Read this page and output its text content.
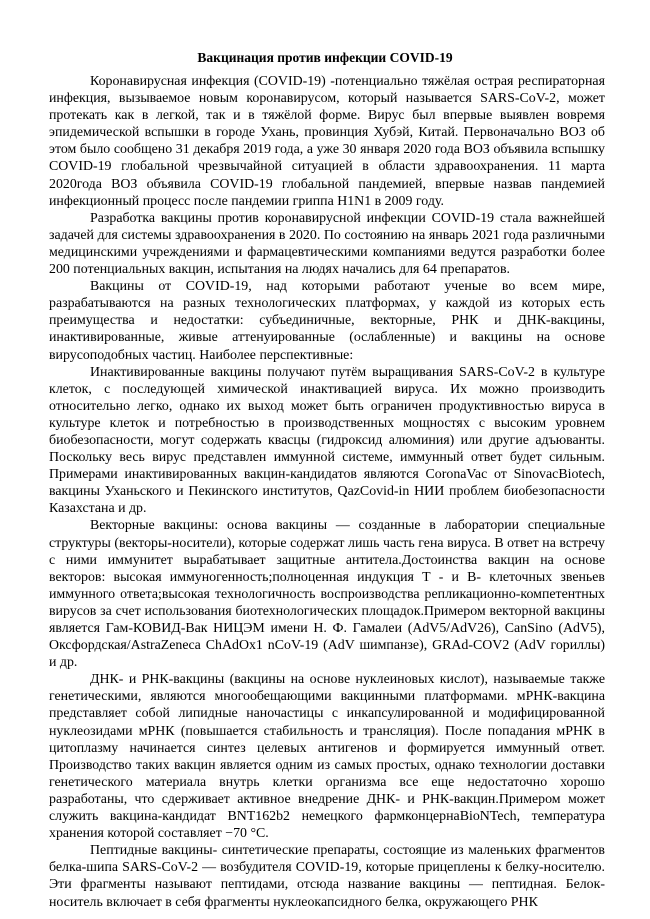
Вакцинация против инфекции COVID-19

Коронавирусная инфекция (COVID-19) -потенциально тяжёлая острая респираторная инфекция, вызываемое новым коронавирусом, который называется SARS-CoV-2, может протекать как в легкой, так и в тяжёлой форме. Вирус был впервые выявлен вовремя эпидемической вспышки в городе Ухань, провинция Хубэй, Китай. Первоначально ВОЗ об этом было сообщено 31 декабря 2019 года, а уже 30 января 2020 года ВОЗ объявила вспышку COVID-19 глобальной чрезвычайной ситуацией в области здравоохранения. 11 марта 2020года ВОЗ объявила COVID-19 глобальной пандемией, впервые назвав пандемией инфекционный процесс после пандемии гриппа H1N1 в 2009 году.

Разработка вакцины против коронавирусной инфекции COVID-19 стала важнейшей задачей для системы здравоохранения в 2020. По состоянию на январь 2021 года различными медицинскими учреждениями и фармацевтическими компаниями ведутся разработки более 200 потенциальных вакцин, испытания на людях начались для 64 препаратов.

Вакцины от COVID-19, над которыми работают ученые во всем мире, разрабатываются на разных технологических платформах, у каждой из которых есть преимущества и недостатки: субъединичные, векторные, РНК и ДНК-вакцины, инактивированные, живые аттенуированные (ослабленные) и вакцины на основе вирусоподобных частиц. Наиболее перспективные:

Инактивированные вакцины получают путём выращивания SARS-CoV-2 в культуре клеток, с последующей химической инактивацией вируса. Их можно производить относительно легко, однако их выход может быть ограничен продуктивностью вируса в культуре клеток и потребностью в производственных мощностях с высоким уровнем биобезопасности, могут содержать квасцы (гидроксид алюминия) или другие адъюванты. Поскольку весь вирус представлен иммунной системе, иммунный ответ будет сильным. Примерами инактивированных вакцин-кандидатов являются CoronaVac от SinovacBiotech, вакцины Уханьского и Пекинского институтов, QazCovid-in НИИ проблем биобезопасности Казахстана и др.

Векторные вакцины: основа вакцины — созданные в лаборатории специальные структуры (векторы-носители), которые содержат лишь часть гена вируса. В ответ на встречу с ними иммунитет вырабатывает защитные антитела.Достоинства вакцин на основе векторов: высокая иммуногенность;полноценная индукция Т - и В- клеточных звеньев иммунного ответа;высокая технологичность воспроизводства репликационно-компетентных вирусов за счет использования биотехнологических площадок.Примером векторной вакцины является Гам-КОВИД-Вак НИЦЭМ имени Н. Ф. Гамалеи (AdV5/AdV26), CanSino (AdV5), Оксфордская/AstraZeneca ChAdOx1 nCoV-19 (AdV шимпанзе), GRAd-COV2 (AdV гориллы) и др.

ДНК- и РНК-вакцины (вакцины на основе нуклеиновых кислот), называемые также генетическими, являются многообещающими вакцинными платформами. мРНК-вакцина представляет собой липидные наночастицы с инкапсулированной и модифицированной нуклеозидами мРНК (повышается стабильность и трансляция). После попадания мРНК в цитоплазму начинается синтез целевых антигенов и формируется иммунный ответ. Производство таких вакцин является одним из самых простых, однако технологии доставки генетического материала внутрь клетки организма все еще недостаточно хорошо разработаны, что сдерживает активное внедрение ДНК- и РНК-вакцин.Примером может служить вакцина-кандидат BNT162b2 немецкого фармконцернаBioNTech, температура хранения которой составляет −70 °C.

Пептидные вакцины- синтетические препараты, состоящие из маленьких фрагментов белка-шипа SARS-CoV-2 — возбудителя COVID-19, которые прицеплены к белку-носителю. Эти фрагменты называют пептидами, отсюда название вакцины — пептидная. Белок-носитель включает в себя фрагменты нуклеокапсидного белка, окружающего РНК
